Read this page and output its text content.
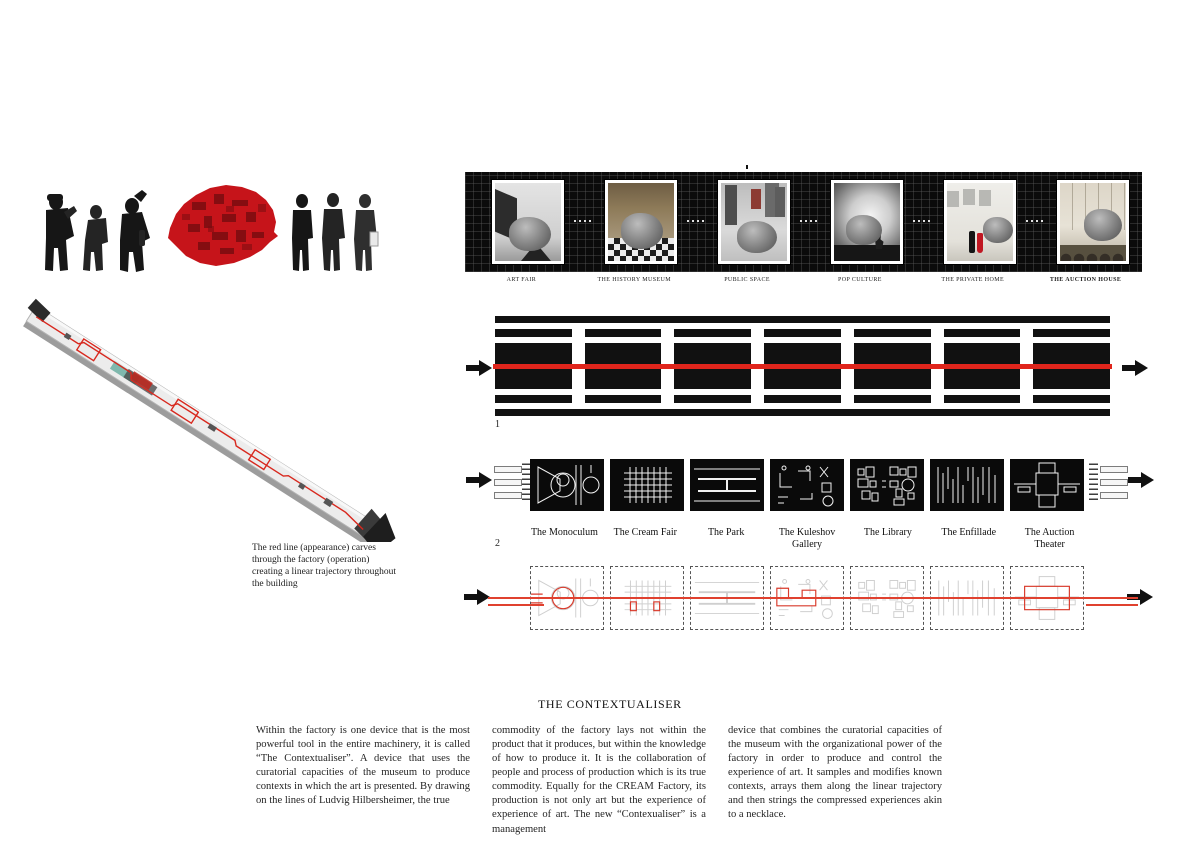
The red line (appearance) carves through the factory (operation) creating a linear trajectory throughout the building
ART FAIR	THE HISTORY MUSEUM	PUBLIC SPACE	POP CULTURE	THE PRIVATE HOME	THE AUCTION HOUSE
1
2
The Monoculum	The Cream Fair	The Park	The Kuleshov Gallery
The Library	The Enfillade	The Auction Theater
THE CONTEXTUALISER
Within the factory is one device that is the most powerful tool in the entire machinery, it is called “The Contextualiser”. A device that uses the curatorial capacities of the museum to produce contexts in which the art is presented. By drawing on the lines of Ludvig Hilbersheimer, the true
commodity of the factory lays not within the product that it produces, but within the knowledge of how to produce it. It is the collaboration of people and process of production which is its true commodity. Equally for the CREAM Factory, its production is not only art but the experience of experience of art. The new “Contexualiser” is a management
device that combines the curatorial capacities of the museum with the organizational power of the factory in order to produce and control the experience of art. It samples and modifies known contexts, arrays them along the linear trajectory and then strings the compressed experiences akin to a necklace.
